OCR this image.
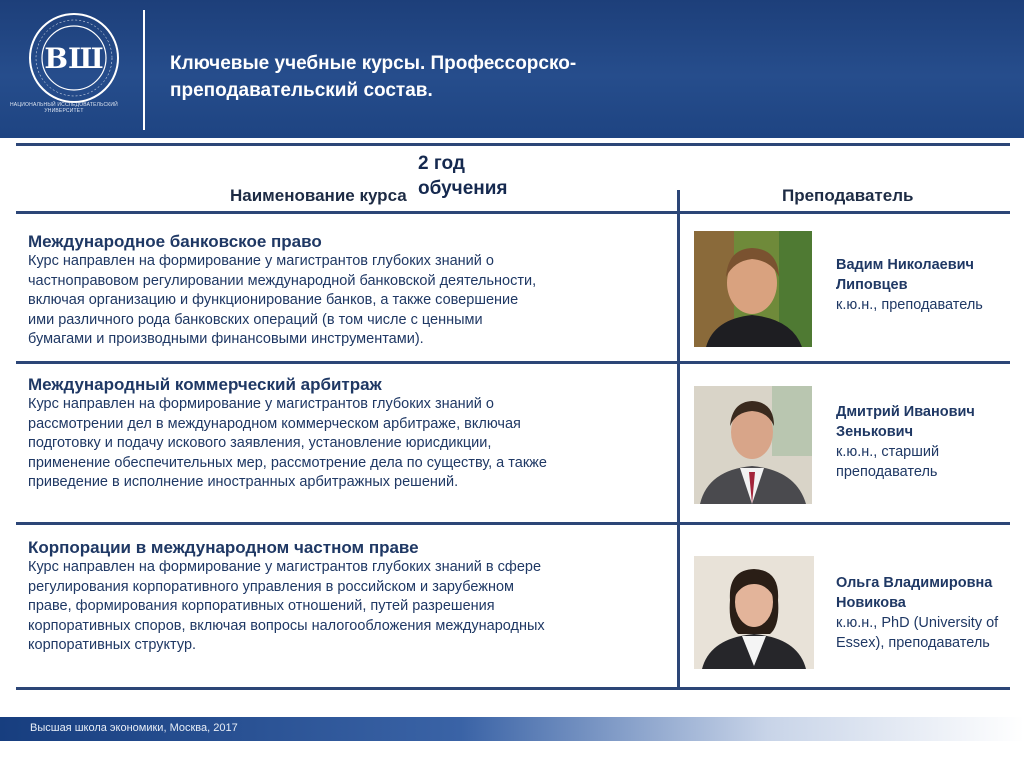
ВШ
НАЦИОНАЛЬНЫЙ ИССЛЕДОВАТЕЛЬСКИЙ
УНИВЕРСИТЕТ
Ключевые учебные курсы. Профессорско-
преподавательский состав.
Наименование курса	Преподаватель
2 год
обучения
Международное банковское право
Курс направлен на формирование у магистрантов глубоких знаний о
частноправовом регулировании международной банковской деятельности,
включая организацию и функционирование банков, а также совершение
ими различного рода банковских операций (в том числе с ценными
бумагами и производными финансовыми инструментами).
Вадим Николаевич
Липовцев
к.ю.н., преподаватель
Международный коммерческий арбитраж
Курс направлен на формирование у магистрантов глубоких знаний о
рассмотрении дел в международном коммерческом арбитраже, включая
подготовку и подачу искового заявления, установление юрисдикции,
применение обеспечительных мер, рассмотрение дела по существу, а также
приведение в исполнение иностранных арбитражных решений.
Дмитрий Иванович
Зенькович
к.ю.н., старший
преподаватель
Корпорации в международном частном праве
Курс направлен на формирование у магистрантов глубоких знаний в сфере
регулирования корпоративного управления в российском и зарубежном
праве, формирования корпоративных отношений, путей разрешения
корпоративных споров, включая вопросы налогообложения международных
корпоративных структур.
Ольга Владимировна
Новикова
к.ю.н., PhD (University of
Essex), преподаватель
Высшая школа экономики, Москва, 2017
